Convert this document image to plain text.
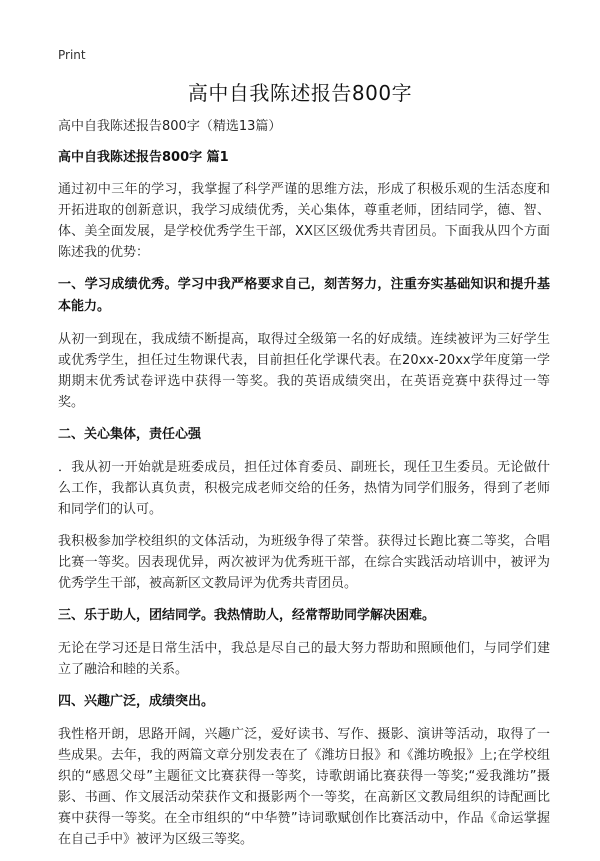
Print
高中自我陈述报告800字
高中自我陈述报告800字（精选13篇）
高中自我陈述报告800字 篇1
通过初中三年的学习，我掌握了科学严谨的思维方法，形成了积极乐观的生活态度和开拓进取的创新意识，我学习成绩优秀，关心集体，尊重老师，团结同学，德、智、体、美全面发展，是学校优秀学生干部，XX区区级优秀共青团员。下面我从四个方面陈述我的优势：
一、学习成绩优秀。学习中我严格要求自己，刻苦努力，注重夯实基础知识和提升基本能力。
从初一到现在，我成绩不断提高，取得过全级第一名的好成绩。连续被评为三好学生或优秀学生，担任过生物课代表，目前担任化学课代表。在20xx-20xx学年度第一学期期末优秀试卷评选中获得一等奖。我的英语成绩突出，在英语竞赛中获得过一等奖。
二、关心集体，责任心强
．我从初一开始就是班委成员，担任过体育委员、副班长，现任卫生委员。无论做什么工作，我都认真负责，积极完成老师交给的任务，热情为同学们服务，得到了老师和同学们的认可。
我积极参加学校组织的文体活动，为班级争得了荣誉。获得过长跑比赛二等奖，合唱比赛一等奖。因表现优异，两次被评为优秀班干部，在综合实践活动培训中，被评为优秀学生干部，被高新区文教局评为优秀共青团员。
三、乐于助人，团结同学。我热情助人，经常帮助同学解决困难。
无论在学习还是日常生活中，我总是尽自己的最大努力帮助和照顾他们，与同学们建立了融洽和睦的关系。
四、兴趣广泛，成绩突出。
我性格开朗，思路开阔，兴趣广泛，爱好读书、写作、摄影、演讲等活动，取得了一些成果。去年，我的两篇文章分别发表在了《潍坊日报》和《潍坊晚报》上;在学校组织的“感恩父母”主题征文比赛获得一等奖，诗歌朗诵比赛获得一等奖;“爱我潍坊”摄影、书画、作文展活动荣获作文和摄影两个一等奖，在高新区文教局组织的诗配画比赛中获得一等奖。在全市组织的“中华赞”诗词歌赋创作比赛活动中，作品《命运掌握在自己手中》被评为区级三等奖。
